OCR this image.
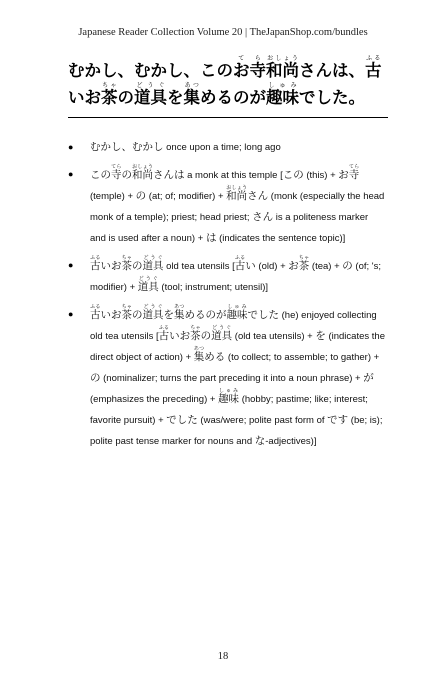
Japanese Reader Collection Volume 20 | TheJapanShop.com/bundles
むかし、むかし、このお寺てら和尚おしょうさんは、古ふるいお茶ちゃの道具どうぐを集あつめるのが趣味しゅみでした。
● むかし、むかし once upon a time; long ago
● この寺てらの和尚おしょうさんは a monk at this temple [この (this) + お寺てら (temple) + の (at; of; modifier) + 和尚おしょうさん (monk (especially the head monk of a temple); priest; head priest; さん is a politeness marker and is used after a noun) + は (indicates the sentence topic)]
● 古ふるいお茶ちゃの道具どうぐ old tea utensils [古ふるい (old) + お茶ちゃ (tea) + の (of; 's; modifier) + 道具どうぐ (tool; instrument; utensil)]
● 古ふるいお茶ちゃの道具どうぐを集あつめるのが趣味しゅみでした (he) enjoyed collecting old tea utensils [古ふるいお茶ちゃの道具どうぐ (old tea utensils) + を (indicates the direct object of action) + 集あつめる (to collect; to assemble; to gather) + の (nominalizer; turns the part preceding it into a noun phrase) + が (emphasizes the preceding) + 趣味しゅみ (hobby; pastime; like; interest; favorite pursuit) + でした (was/were; polite past form of です (be; is); polite past tense marker for nouns and な-adjectives)]
18
